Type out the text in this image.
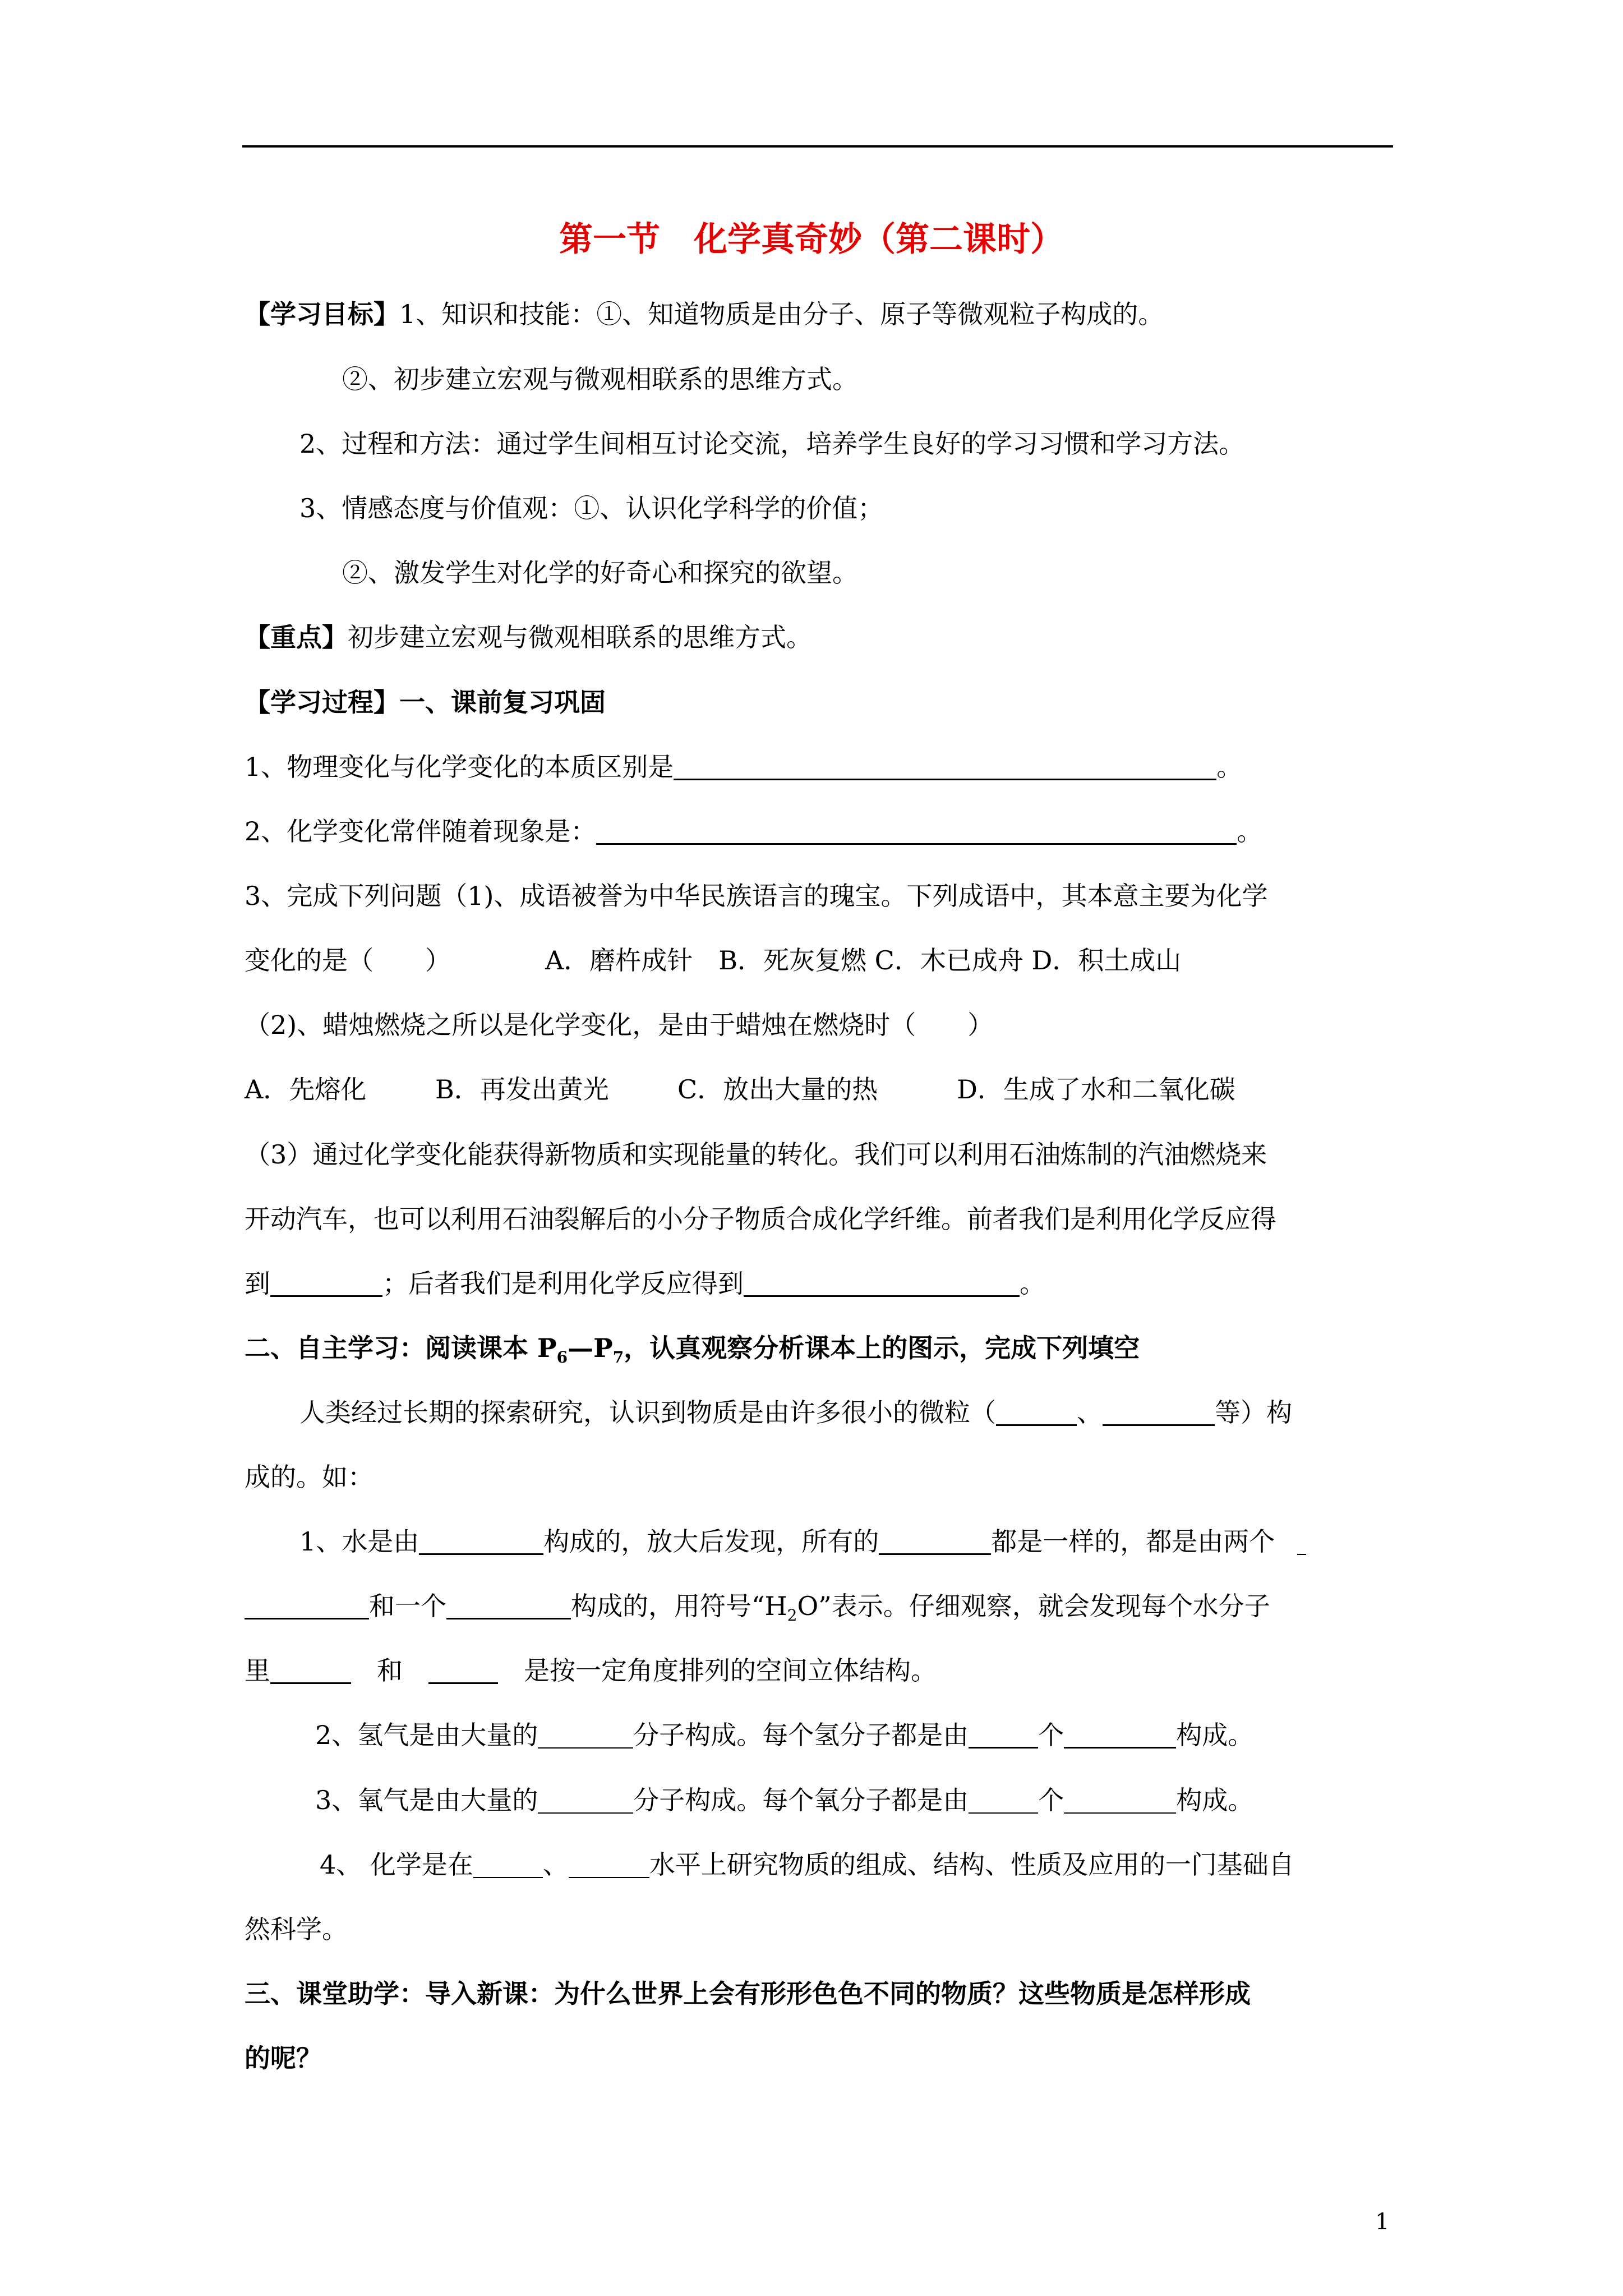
第一节　化学真奇妙（第二课时）
【学习目标】1、知识和技能：①、知道物质是由分子、原子等微观粒子构成的。
②、初步建立宏观与微观相联系的思维方式。
2、过程和方法：通过学生间相互讨论交流，培养学生良好的学习习惯和学习方法。
3、情感态度与价值观：①、认识化学科学的价值；
②、激发学生对化学的好奇心和探究的欲望。
【重点】初步建立宏观与微观相联系的思维方式。
【学习过程】一、课前复习巩固
1、物理变化与化学变化的本质区别是	。
2、化学变化常伴随着现象是：	。
3、完成下列问题（1)、成语被誉为中华民族语言的瑰宝。下列成语中，其本意主要为化学
变化的是（　　）	A．磨杵成针　B．死灰复燃 C．木已成舟 D．积土成山
（2)、蜡烛燃烧之所以是化学变化，是由于蜡烛在燃烧时（　　）
A．先熔化	B．再发出黄光	C．放出大量的热	D．生成了水和二氧化碳
（3）通过化学变化能获得新物质和实现能量的转化。我们可以利用石油炼制的汽油燃烧来
开动汽车，也可以利用石油裂解后的小分子物质合成化学纤维。前者我们是利用化学反应得
到	；后者我们是利用化学反应得到	。
二、自主学习：阅读课本 $P_6—P_7$，认真观察分析课本上的图示，完成下列填空
人类经过长期的探索研究，认识到物质是由许多很小的微粒（	、	等）构
成的。如：
1、水是由	构成的，放大后发现，所有的	都是一样的，都是由两个
和一个	构成的，用符号“$H_2O$”表示。仔细观察，就会发现每个水分子
里	和	是按一定角度排列的空间立体结构。
2、氢气是由大量的	分子构成。每个氢分子都是由	个	构成。
3、氧气是由大量的	分子构成。每个氧分子都是由	个	构成。
4、 化学是在	、	水平上研究物质的组成、结构、性质及应用的一门基础自
然科学。
三、课堂助学：导入新课：为什么世界上会有形形色色不同的物质？这些物质是怎样形成
的呢？
1
